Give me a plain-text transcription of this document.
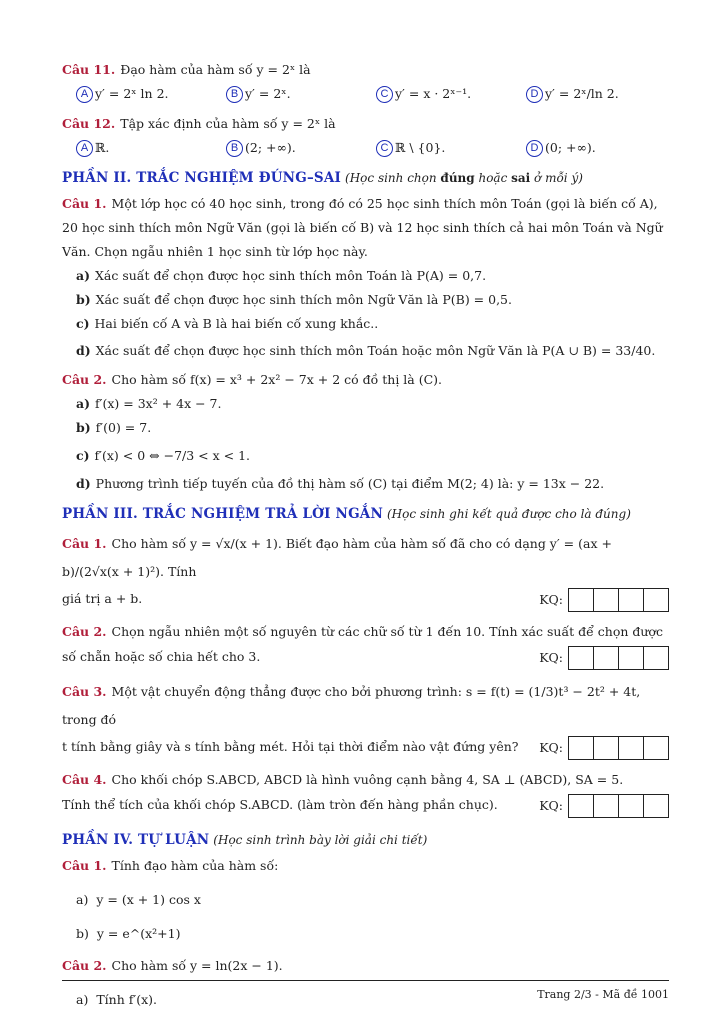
Câu 11. Đạo hàm của hàm số y = 2ˣ là
A y′ = 2ˣ ln 2.	B y′ = 2ˣ.	C y′ = x · 2ˣ⁻¹.	D y′ = 2ˣ/ln 2.
Câu 12. Tập xác định của hàm số y = 2ˣ là
A ℝ.	B (2; +∞).	C ℝ \ {0}.	D (0; +∞).
PHẦN II. TRẮC NGHIỆM ĐÚNG–SAI (Học sinh chọn đúng hoặc sai ở mỗi ý)
Câu 1. Một lớp học có 40 học sinh, trong đó có 25 học sinh thích môn Toán (gọi là biến cố A),
20 học sinh thích môn Ngữ Văn (gọi là biến cố B) và 12 học sinh thích cả hai môn Toán và Ngữ
Văn. Chọn ngẫu nhiên 1 học sinh từ lớp học này.
a) Xác suất để chọn được học sinh thích môn Toán là P(A) = 0,7.
b) Xác suất để chọn được học sinh thích môn Ngữ Văn là P(B) = 0,5.
c) Hai biến cố A và B là hai biến cố xung khắc..
d) Xác suất để chọn được học sinh thích môn Toán hoặc môn Ngữ Văn là P(A ∪ B) = 33/40.
Câu 2. Cho hàm số f(x) = x³ + 2x² − 7x + 2 có đồ thị là (C).
a) f′(x) = 3x² + 4x − 7.
b) f′(0) = 7.
c) f′(x) < 0 ⇔ −7/3 < x < 1.
d) Phương trình tiếp tuyến của đồ thị hàm số (C) tại điểm M(2; 4) là: y = 13x − 22.
PHẦN III. TRẮC NGHIỆM TRẢ LỜI NGẮN (Học sinh ghi kết quả được cho là đúng)
Câu 1. Cho hàm số y = √x/(x + 1). Biết đạo hàm của hàm số đã cho có dạng y′ = (ax + b)/(2√x(x + 1)²). Tính
giá trị a + b.	KQ:
Câu 2. Chọn ngẫu nhiên một số nguyên từ các chữ số từ 1 đến 10. Tính xác suất để chọn được
số chẵn hoặc số chia hết cho 3.	KQ:
Câu 3. Một vật chuyển động thẳng được cho bởi phương trình: s = f(t) = (1/3)t³ − 2t² + 4t, trong đó
t tính bằng giây và s tính bằng mét. Hỏi tại thời điểm nào vật đứng yên? KQ:
Câu 4. Cho khối chóp S.ABCD, ABCD là hình vuông cạnh bằng 4, SA ⊥ (ABCD), SA = 5.
Tính thể tích của khối chóp S.ABCD. (làm tròn đến hàng phần chục).	KQ:
PHẦN IV. TỰ LUẬN (Học sinh trình bày lời giải chi tiết)
Câu 1. Tính đạo hàm của hàm số:
a) y = (x + 1) cos x
b) y = e^(x²+1)
Câu 2. Cho hàm số y = ln(2x − 1).
a) Tính f′(x).	Trang 2/3 - Mã đề 1001
